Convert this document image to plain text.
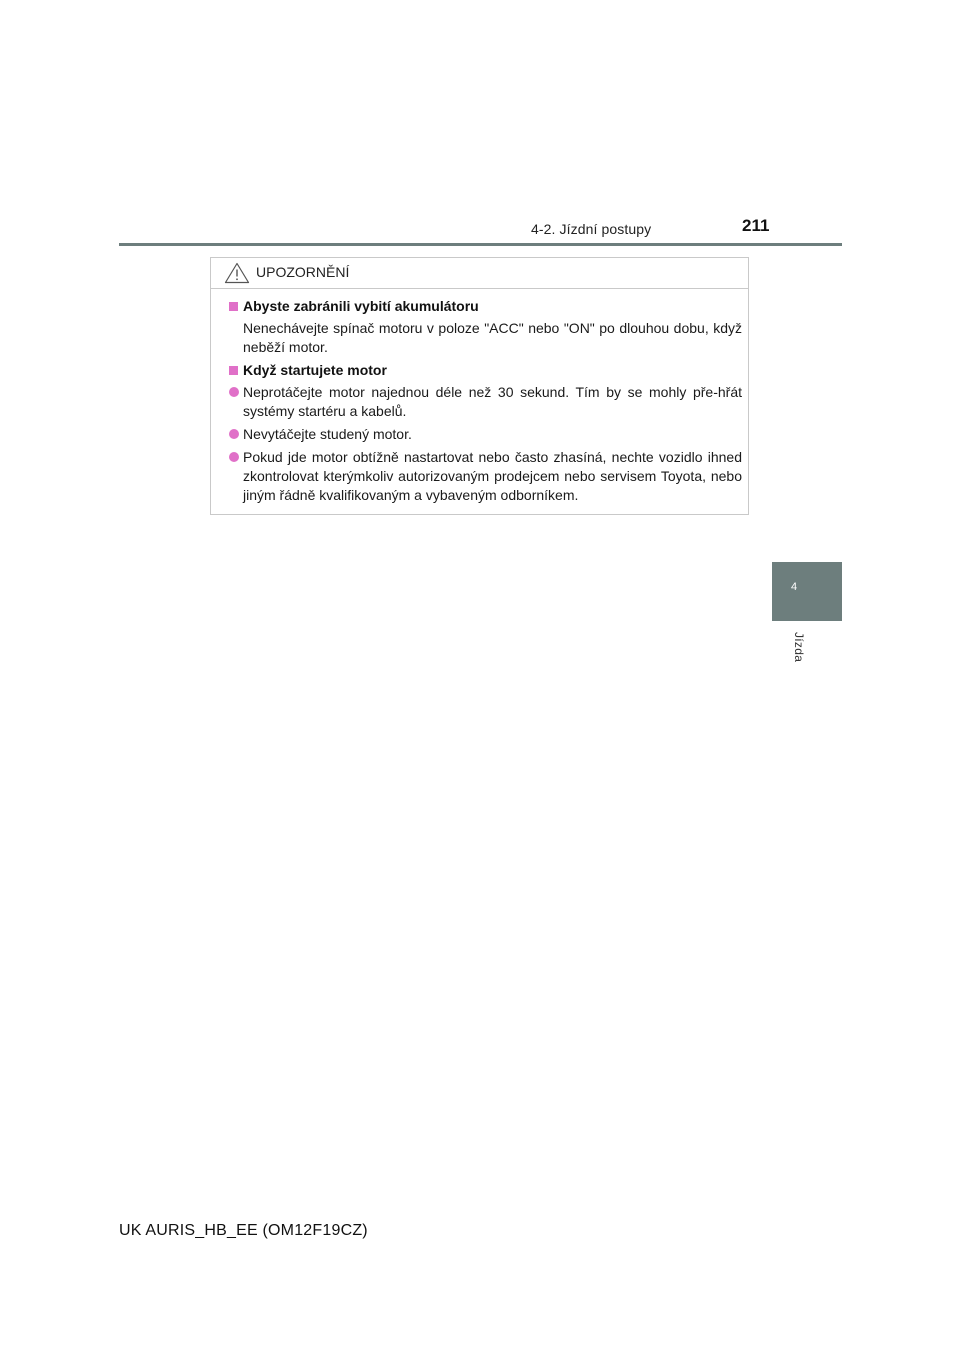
4-2. Jízdní postupy	211
4
Jízda
UPOZORNĚNÍ
Abyste zabránili vybití akumulátoru
Nenechávejte spínač motoru v poloze "ACC" nebo "ON" po dlouhou dobu, když neběží motor.
Když startujete motor
Neprotáčejte motor najednou déle než 30 sekund. Tím by se mohly pře-hřát systémy startéru a kabelů.
Nevytáčejte studený motor.
Pokud jde motor obtížně nastartovat nebo často zhasíná, nechte vozidlo ihned zkontrolovat kterýmkoliv autorizovaným prodejcem nebo servisem Toyota, nebo jiným řádně kvalifikovaným a vybaveným odborníkem.
UK AURIS_HB_EE (OM12F19CZ)
